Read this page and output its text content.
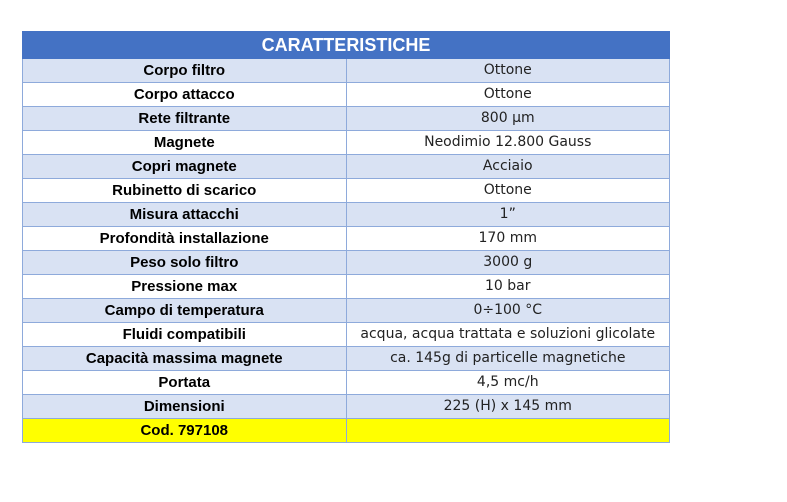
CARATTERISTICHE	
Corpo filtro	Ottone
Corpo attacco	Ottone
Rete filtrante	800 µm
Magnete	Neodimio 12.800 Gauss
Copri magnete	Acciaio
Rubinetto di scarico	Ottone
Misura attacchi	1”
Profondità installazione	170 mm
Peso solo filtro	3000 g
Pressione max	10 bar
Campo di temperatura	0÷100 °C
Fluidi compatibili	acqua, acqua trattata e soluzioni glicolate
Capacità massima magnete	ca. 145g di particelle magnetiche
Portata	4,5 mc/h
Dimensioni	225 (H) x 145 mm
Cod. 797108	
